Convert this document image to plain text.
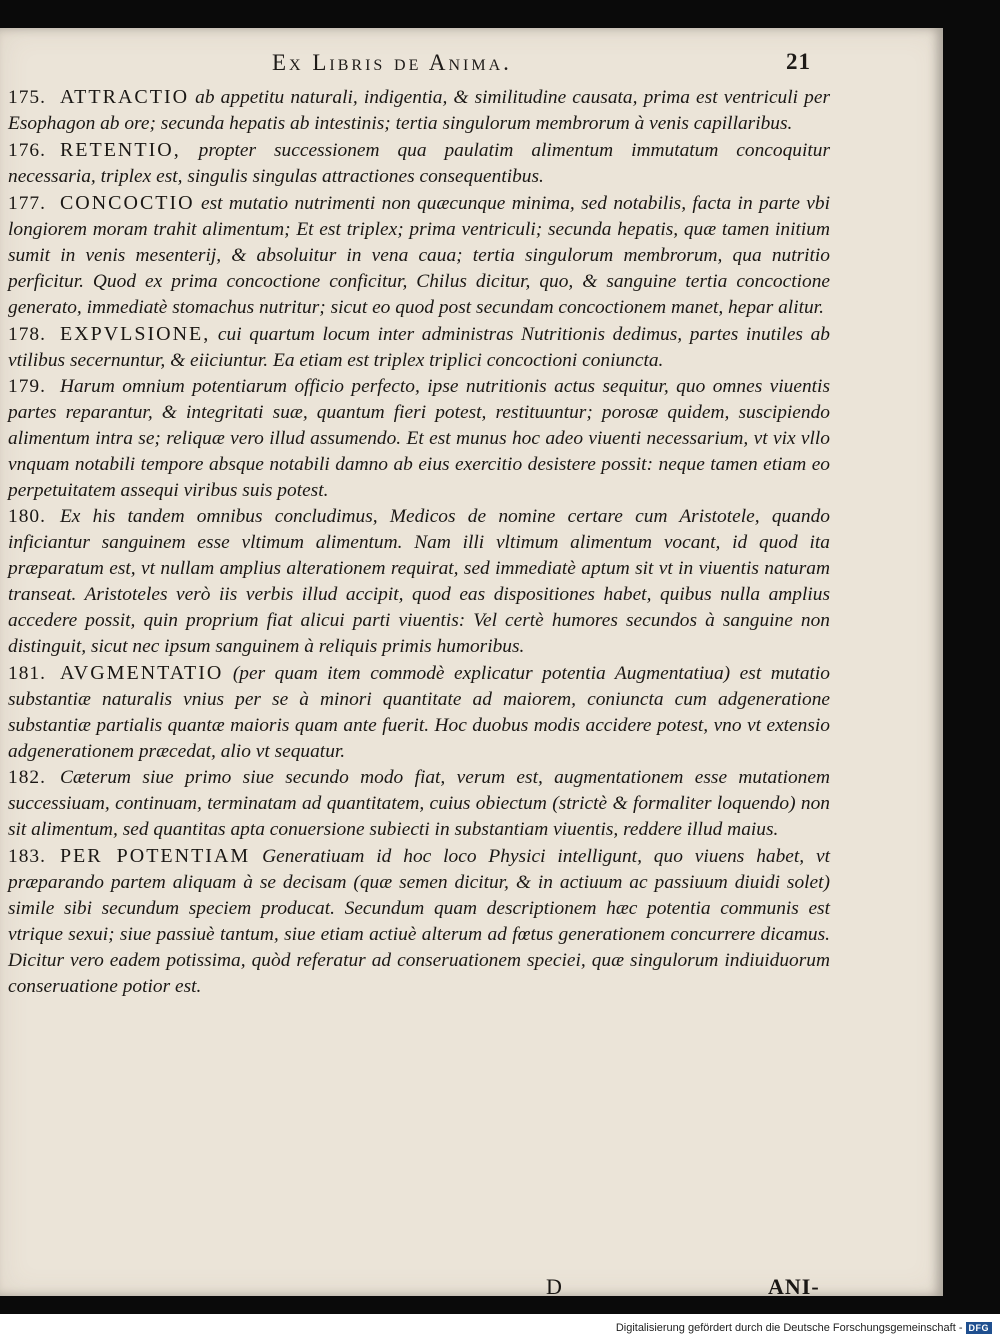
Ex Libris de Anima.	21

175. ATTRACTIO ab appetitu naturali, indigentia, & similitudine causata, prima est ventriculi per Esophagon ab ore; secunda hepatis ab intestinis; tertia singulorum membrorum à venis capillaribus.

176. RETENTIO, propter successionem qua paulatim alimentum immutatum concoquitur necessaria, triplex est, singulis singulas attractiones consequentibus.

177. CONCOCTIO est mutatio nutrimenti non quæcunque minima, sed notabilis, facta in parte vbi longiorem moram trahit alimentum; Et est triplex; prima ventriculi; secunda hepatis, quæ tamen initium sumit in venis mesenterij, & absoluitur in vena caua; tertia singulorum membrorum, qua nutritio perficitur. Quod ex prima concoctione conficitur, Chilus dicitur, quo, & sanguine tertia concoctione generato, immediatè stomachus nutritur; sicut eo quod post secundam concoctionem manet, hepar alitur.

178. EXPVLSIONE, cui quartum locum inter administras Nutritionis dedimus, partes inutiles ab vtilibus secernuntur, & eiiciuntur. Ea etiam est triplex triplici concoctioni coniuncta.

179. Harum omnium potentiarum officio perfecto, ipse nutritionis actus sequitur, quo omnes viuentis partes reparantur, & integritati suæ, quantum fieri potest, restituuntur; porosæ quidem, suscipiendo alimentum intra se; reliquæ vero illud assumendo. Et est munus hoc adeo viuenti necessarium, vt vix vllo vnquam notabili tempore absque notabili damno ab eius exercitio desistere possit: neque tamen etiam eo perpetuitatem assequi viribus suis potest.

180. Ex his tandem omnibus concludimus, Medicos de nomine certare cum Aristotele, quando inficiantur sanguinem esse vltimum alimentum. Nam illi vltimum alimentum vocant, id quod ita præparatum est, vt nullam amplius alterationem requirat, sed immediatè aptum sit vt in viuentis naturam transeat. Aristoteles verò iis verbis illud accipit, quod eas dispositiones habet, quibus nulla amplius accedere possit, quin proprium fiat alicui parti viuentis: Vel certè humores secundos à sanguine non distinguit, sicut nec ipsum sanguinem à reliquis primis humoribus.

181. AVGMENTATIO (per quam item commodè explicatur potentia Augmentatiua) est mutatio substantiæ naturalis vnius per se à minori quantitate ad maiorem, coniuncta cum adgeneratione substantiæ partialis quantæ maioris quam ante fuerit. Hoc duobus modis accidere potest, vno vt extensio adgenerationem præcedat, alio vt sequatur.

182. Cæterum siue primo siue secundo modo fiat, verum est, augmentationem esse mutationem successiuam, continuam, terminatam ad quantitatem, cuius obiectum (strictè & formaliter loquendo) non sit alimentum, sed quantitas apta conuersione subiecti in substantiam viuentis, reddere illud maius.

183. PER POTENTIAM Generatiuam id hoc loco Physici intelligunt, quo viuens habet, vt præparando partem aliquam à se decisam (quæ semen dicitur, & in actiuum ac passiuum diuidi solet) simile sibi secundum speciem producat. Secundum quam descriptionem hæc potentia communis est vtrique sexui; siue passiuè tantum, siue etiam actiuè alterum ad fœtus generationem concurrere dicamus. Dicitur vero eadem potissima, quòd referatur ad conseruationem speciei, quæ singulorum indiuiduorum conseruatione potior est.

D	ANI-
Digitalisierung gefördert durch die Deutsche Forschungsgemeinschaft - DFG
